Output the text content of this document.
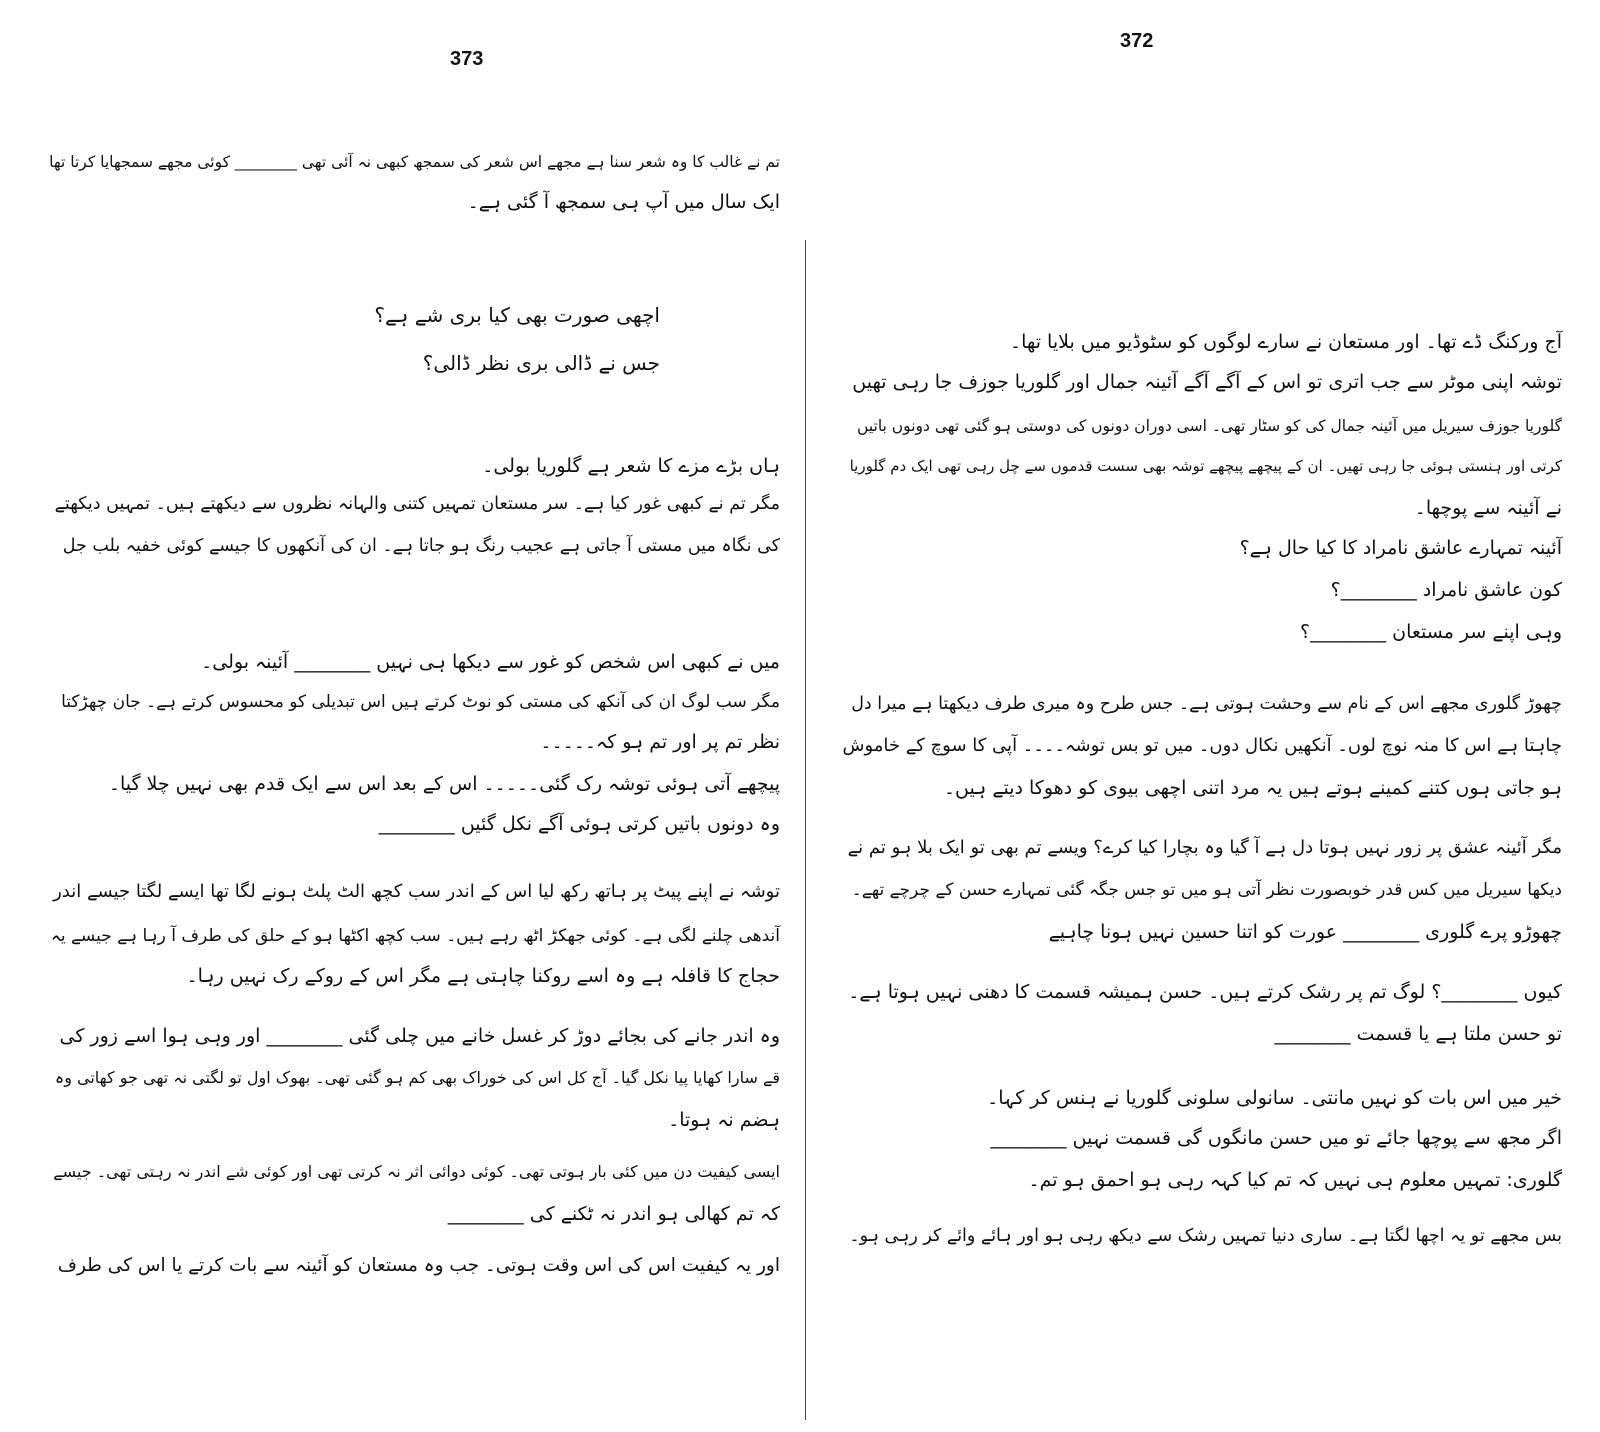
373
تم نے غالب کا وہ شعر سنا ہے مجھے اس شعر کی سمجھ کبھی نہ آئی تھی ________ کوئی مجھے سمجھایا کرتا تھا
ایک سال میں آپ ہی سمجھ آ گئی ہے۔
اچھی صورت بھی کیا بری شے ہے؟
جس نے ڈالی بری نظر ڈالی؟
ہاں بڑے مزے کا شعر ہے گلوریا بولی۔
مگر تم نے کبھی غور کیا ہے۔ سر مستعان تمہیں کتنی والہانہ نظروں سے دیکھتے ہیں۔ تمہیں دیکھتے
کی نگاہ میں مستی آ جاتی ہے عجیب رنگ ہو جاتا ہے۔ ان کی آنکھوں کا جیسے کوئی خفیہ بلب جل
میں نے کبھی اس شخص کو غور سے دیکھا ہی نہیں ________ آئینہ بولی۔
مگر سب لوگ ان کی آنکھ کی مستی کو نوٹ کرتے ہیں اس تبدیلی کو محسوس کرتے ہے۔ جان چھڑکتا
نظر تم پر اور تم ہو کہ۔۔۔۔۔
پیچھے آتی ہوئی توشہ رک گئی۔۔۔۔۔ اس کے بعد اس سے ایک قدم بھی نہیں چلا گیا۔
وہ دونوں باتیں کرتی ہوئی آگے نکل گئیں ________
توشہ نے اپنے پیٹ پر ہاتھ رکھ لیا اس کے اندر سب کچھ الٹ پلٹ ہونے لگا تھا ایسے لگتا جیسے اندر
آندھی چلنے لگی ہے۔ کوئی جھکڑ اٹھ رہے ہیں۔ سب کچھ اکٹھا ہو کے حلق کی طرف آ رہا ہے جیسے یہ
حجاج کا قافلہ ہے وہ اسے روکنا چاہتی ہے مگر اس کے روکے رک نہیں رہا۔
وہ اندر جانے کی بجائے دوڑ کر غسل خانے میں چلی گئی ________ اور وہی ہوا اسے زور کی
قے سارا کھایا پیا نکل گیا۔ آج کل اس کی خوراک بھی کم ہو گئی تھی۔ بھوک اول تو لگتی نہ تھی جو کھاتی وہ
ہضم نہ ہوتا۔
ایسی کیفیت دن میں کئی بار ہوتی تھی۔ کوئی دوائی اثر نہ کرتی تھی اور کوئی شے اندر نہ رہتی تھی۔ جیسے
کہ تم کھالی ہو اندر نہ ٹکنے کی ________
اور یہ کیفیت اس کی اس وقت ہوتی۔ جب وہ مستعان کو آئینہ سے بات کرتے یا اس کی طرف
372
آج ورکنگ ڈے تھا۔ اور مستعان نے سارے لوگوں کو سٹوڈیو میں بلایا تھا۔
توشہ اپنی موٹر سے جب اتری تو اس کے آگے آگے آئینہ جمال اور گلوریا جوزف جا رہی تھیں
گلوریا جوزف سیریل میں آئینہ جمال کی کو سٹار تھی۔ اسی دوران دونوں کی دوستی ہو گئی تھی دونوں باتیں
کرتی اور ہنستی ہوئی جا رہی تھیں۔ ان کے پیچھے پیچھے توشہ بھی سست قدموں سے چل رہی تھی ایک دم گلوریا
نے آئینہ سے پوچھا۔
آئینہ تمہارے عاشق نامراد کا کیا حال ہے؟
کون عاشق نامراد ________؟
وہی اپنے سر مستعان ________؟
چھوڑ گلوری مجھے اس کے نام سے وحشت ہوتی ہے۔ جس طرح وہ میری طرف دیکھتا ہے میرا دل
چاہتا ہے اس کا منہ نوچ لوں۔ آنکھیں نکال دوں۔ میں تو بس توشہ۔۔۔۔ آپی کا سوچ کے خاموش
ہو جاتی ہوں کتنے کمینے ہوتے ہیں یہ مرد اتنی اچھی بیوی کو دھوکا دیتے ہیں۔
مگر آئینہ عشق پر زور نہیں ہوتا دل ہے آ گیا وہ بچارا کیا کرے؟ ویسے تم بھی تو ایک بلا ہو تم نے
دیکھا سیریل میں کس قدر خوبصورت نظر آتی ہو میں تو جس جگہ گئی تمہارے حسن کے چرچے تھے۔
چھوڑو پرے گلوری ________ عورت کو اتنا حسین نہیں ہونا چاہیے
کیوں ________؟ لوگ تم پر رشک کرتے ہیں۔ حسن ہمیشہ قسمت کا دھنی نہیں ہوتا ہے۔
تو حسن ملتا ہے یا قسمت ________
خیر میں اس بات کو نہیں مانتی۔ سانولی سلونی گلوریا نے ہنس کر کہا۔
اگر مجھ سے پوچھا جائے تو میں حسن مانگوں گی قسمت نہیں ________
گلوری: تمہیں معلوم ہی نہیں کہ تم کیا کہہ رہی ہو احمق ہو تم۔
بس مجھے تو یہ اچھا لگتا ہے۔ ساری دنیا تمہیں رشک سے دیکھ رہی ہو اور ہائے وائے کر رہی ہو۔
